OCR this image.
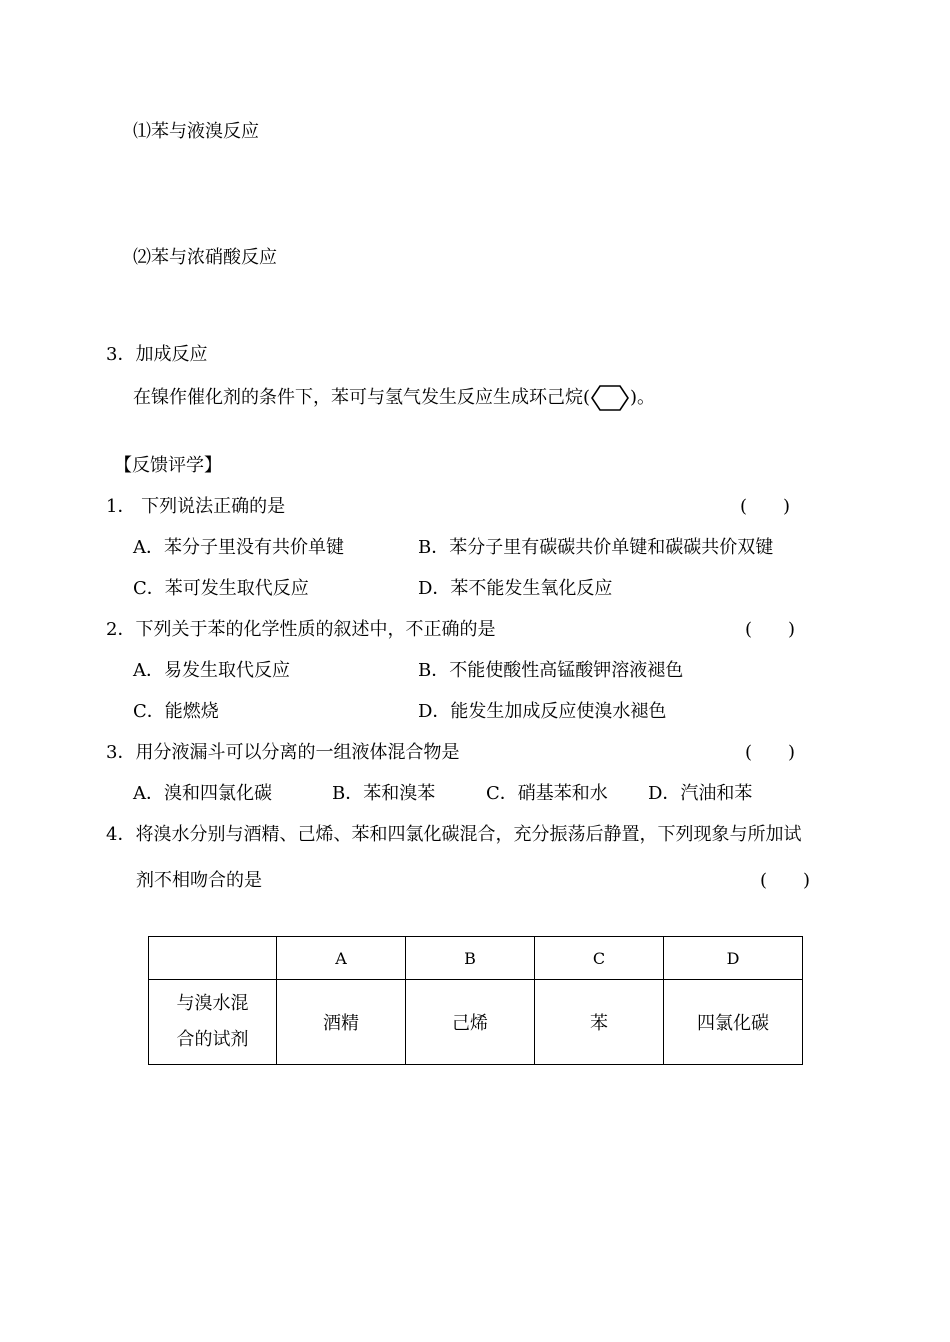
⑴苯与液溴反应
⑵苯与浓硝酸反应
3．加成反应
在镍作催化剂的条件下，苯可与氢气发生反应生成环己烷( )。
【反馈评学】
1． 下列说法正确的是	(　　)
A．苯分子里没有共价单键	B．苯分子里有碳碳共价单键和碳碳共价双键
C．苯可发生取代反应	D．苯不能发生氧化反应
2．下列关于苯的化学性质的叙述中，不正确的是	(　　)
A．易发生取代反应	B．不能使酸性高锰酸钾溶液褪色
C．能燃烧	D．能发生加成反应使溴水褪色
3．用分液漏斗可以分离的一组液体混合物是	(　　)
A．溴和四氯化碳	B．苯和溴苯	C．硝基苯和水 D．汽油和苯
4．将溴水分别与酒精、己烯、苯和四氯化碳混合，充分振荡后静置，下列现象与所加试
剂不相吻合的是	(　　)
	A	B	C	D

与溴水混
合的试剂	酒精	己烯	苯	四氯化碳
